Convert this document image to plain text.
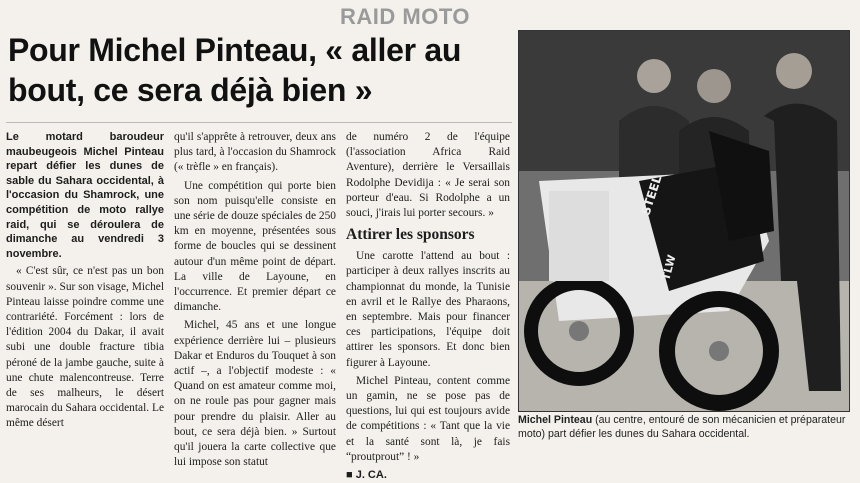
RAID MOTO
Pour Michel Pinteau, « aller au bout, ce sera déjà bien »

Le motard baroudeur maubeugeois Michel Pinteau repart défier les dunes de sable du Sahara occidental, à l'occasion du Shamrock, une compétition de moto rallye raid, qui se déroulera de dimanche au vendredi 3 novembre.

« C'est sûr, ce n'est pas un bon souvenir ». Sur son visage, Michel Pinteau laisse poindre comme une contrariété. Forcément : lors de l'édition 2004 du Dakar, il avait subi une double fracture tibia péroné de la jambe gauche, suite à une chute malencontreuse. Terre de ses malheurs, le désert marocain du Sahara occidental. Le même désert

qu'il s'apprête à retrouver, deux ans plus tard, à l'occasion du Shamrock (« trèfle » en français).

Une compétition qui porte bien son nom puisqu'elle consiste en une série de douze spéciales de 250 km en moyenne, présentées sous forme de boucles qui se dessinent autour d'un même point de départ. La ville de Layoune, en l'occurrence. Et premier départ ce dimanche.

Michel, 45 ans et une longue expérience derrière lui – plusieurs Dakar et Enduros du Touquet à son actif –, a l'objectif modeste : « Quand on est amateur comme moi, on ne roule pas pour gagner mais pour prendre du plaisir. Aller au bout, ce sera déjà bien. » Surtout qu'il jouera la carte collective que lui impose son statut

de numéro 2 de l'équipe (l'association Africa Raid Aventure), derrière le Versaillais Rodolphe Devidija : « Je serai son porteur d'eau. Si Rodolphe a un souci, j'irais lui porter secours. »

Attirer les sponsors

Une carotte l'attend au bout : participer à deux rallyes inscrits au championnat du monde, la Tunisie en avril et le Rallye des Pharaons, en septembre. Mais pour financer ces participations, l'équipe doit attirer les sponsors. Et donc bien figurer à Layoune.

Michel Pinteau, content comme un gamin, ne se pose pas de questions, lui qui est toujours avide de compétitions : « Tant que la vie et la santé sont là, je fais “proutprout” ! »

■ J. CA.
STEEL
TLW
Michel Pinteau (au centre, entouré de son mécanicien et préparateur moto) part défier les dunes du Sahara occidental.
